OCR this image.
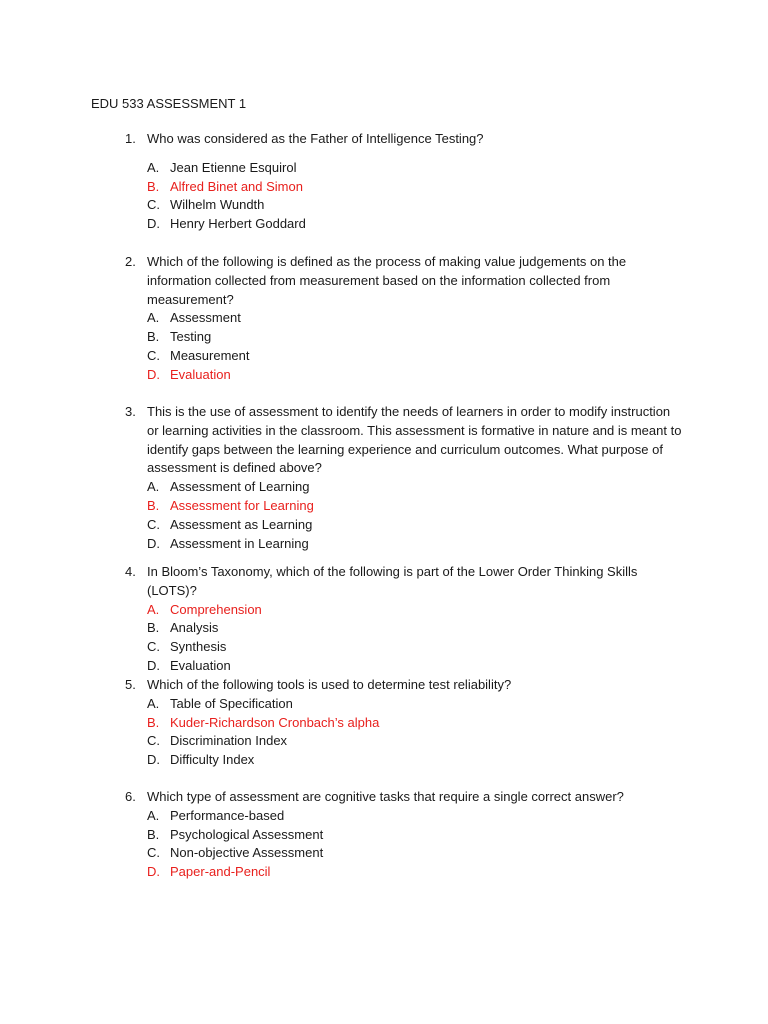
EDU 533 ASSESSMENT 1
1. Who was considered as the Father of Intelligence Testing?
A. Jean Etienne Esquirol
B. Alfred Binet and Simon
C. Wilhelm Wundth
D. Henry Herbert Goddard
2. Which of the following is defined as the process of making value judgements on the information collected from measurement based on the information collected from measurement?
A. Assessment
B. Testing
C. Measurement
D. Evaluation
3. This is the use of assessment to identify the needs of learners in order to modify instruction or learning activities in the classroom. This assessment is formative in nature and is meant to identify gaps between the learning experience and curriculum outcomes. What purpose of assessment is defined above?
A. Assessment of Learning
B. Assessment for Learning
C. Assessment as Learning
D. Assessment in Learning
4. In Bloom’s Taxonomy, which of the following is part of the Lower Order Thinking Skills (LOTS)?
A. Comprehension
B. Analysis
C. Synthesis
D. Evaluation
5. Which of the following tools is used to determine test reliability?
A. Table of Specification
B. Kuder-Richardson Cronbach’s alpha
C. Discrimination Index
D. Difficulty Index
6. Which type of assessment are cognitive tasks that require a single correct answer?
A. Performance-based
B. Psychological Assessment
C. Non-objective Assessment
D. Paper-and-Pencil
